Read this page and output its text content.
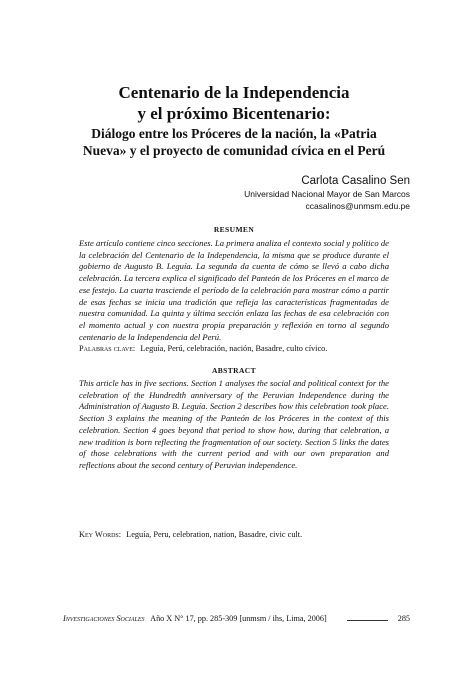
Centenario de la Independencia
y el próximo Bicentenario:
Diálogo entre los Próceres de la nación, la «Patria
Nueva» y el proyecto de comunidad cívica en el Perú
Carlota Casalino Sen
Universidad Nacional Mayor de San Marcos
ccasalinos@unmsm.edu.pe
RESUMEN

Este artículo contiene cinco secciones. La primera analiza el contexto social y político de la celebración del Centenario de la Independencia, la misma que se produce durante el gobierno de Augusto B. Leguía. La segunda da cuenta de cómo se llevó a cabo dicha celebración. La tercera explica el significado del Panteón de los Próceres en el marco de ese festejo. La cuarta trasciende el período de la celebración para mostrar cómo a partir de esas fechas se inicia una tradición que refleja las características fragmentadas de nuestra comunidad. La quinta y última sección enlaza las fechas de esa celebración con el momento actual y con nuestra propia preparación y reflexión en torno al segundo centenario de la Independencia del Perú.

Palabras clave: Leguía, Perú, celebración, nación, Basadre, culto cívico.
ABSTRACT

This article has in five sections. Section 1 analyses the social and political context for the celebration of the Hundredth anniversary of the Peruvian Independence during the Administration of Augusto B. Leguía. Section 2 describes how this celebration took place. Section 3 explains the meaning of the Panteón de los Próceres in the context of this celebration. Section 4 goes beyond that period to show how, during that celebration, a new tradition is born reflecting the fragmentation of our society. Section 5 links the dates of those celebrations with the current period and with our own preparation and reflections about the second century of Peruvian independence.

Key Words: Leguía, Peru, celebration, nation, Basadre, civic cult.
Investigaciones Sociales Año X N° 17, pp. 285-309 [unmsm / ihs, Lima, 2006]	285
